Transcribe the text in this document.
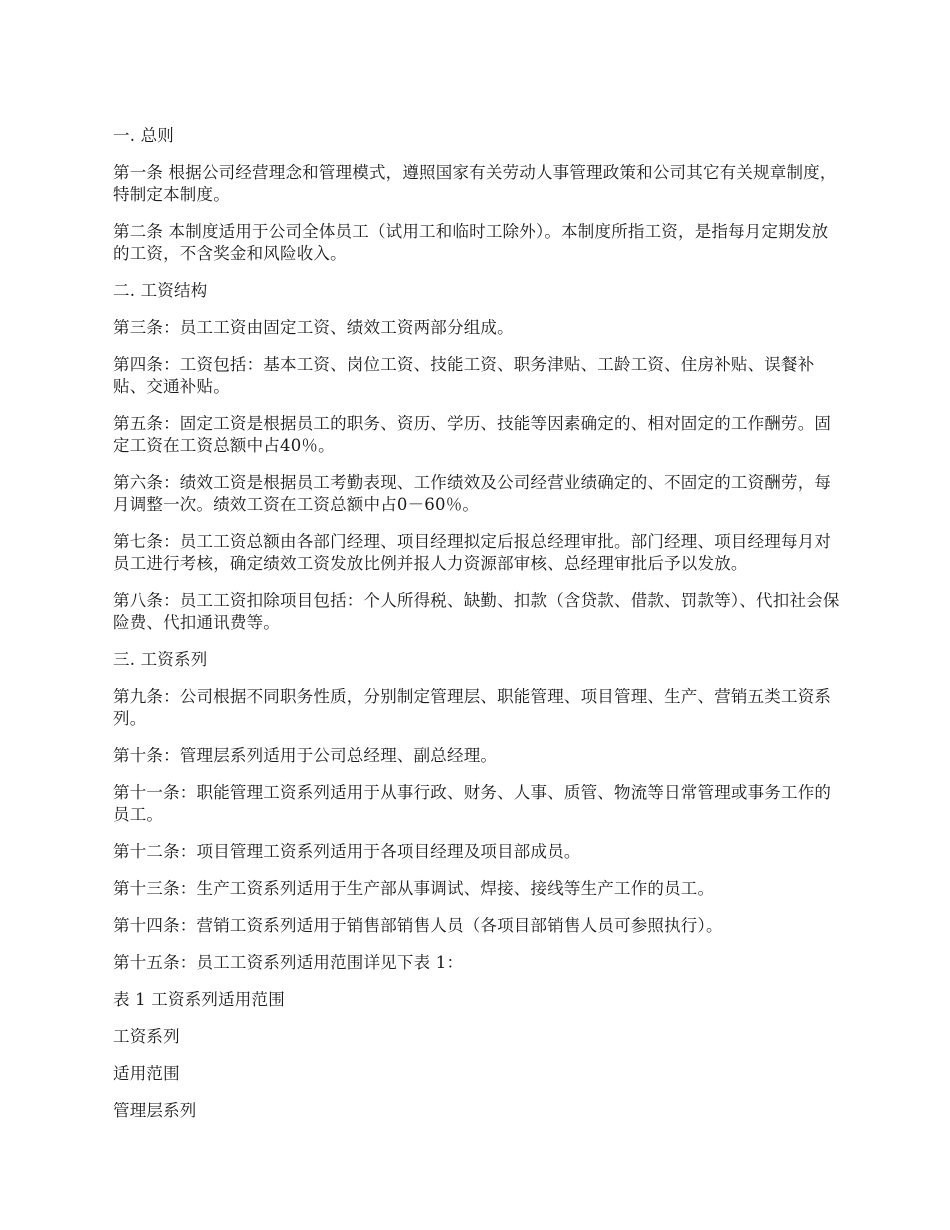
一. 总则

第一条 根据公司经营理念和管理模式，遵照国家有关劳动人事管理政策和公司其它有关规章制度，特制定本制度。

第二条 本制度适用于公司全体员工（试用工和临时工除外）。本制度所指工资，是指每月定期发放的工资，不含奖金和风险收入。

二. 工资结构

第三条：员工工资由固定工资、绩效工资两部分组成。

第四条：工资包括：基本工资、岗位工资、技能工资、职务津贴、工龄工资、住房补贴、误餐补贴、交通补贴。

第五条：固定工资是根据员工的职务、资历、学历、技能等因素确定的、相对固定的工作酬劳。固定工资在工资总额中占40％。

第六条：绩效工资是根据员工考勤表现、工作绩效及公司经营业绩确定的、不固定的工资酬劳，每月调整一次。绩效工资在工资总额中占0－60％。

第七条：员工工资总额由各部门经理、项目经理拟定后报总经理审批。部门经理、项目经理每月对员工进行考核，确定绩效工资发放比例并报人力资源部审核、总经理审批后予以发放。

第八条：员工工资扣除项目包括：个人所得税、缺勤、扣款（含贷款、借款、罚款等）、代扣社会保险费、代扣通讯费等。

三. 工资系列

第九条：公司根据不同职务性质，分别制定管理层、职能管理、项目管理、生产、营销五类工资系列。

第十条：管理层系列适用于公司总经理、副总经理。

第十一条：职能管理工资系列适用于从事行政、财务、人事、质管、物流等日常管理或事务工作的员工。

第十二条：项目管理工资系列适用于各项目经理及项目部成员。

第十三条：生产工资系列适用于生产部从事调试、焊接、接线等生产工作的员工。

第十四条：营销工资系列适用于销售部销售人员（各项目部销售人员可参照执行）。

第十五条：员工工资系列适用范围详见下表 1：

表 1 工资系列适用范围

工资系列

适用范围

管理层系列
